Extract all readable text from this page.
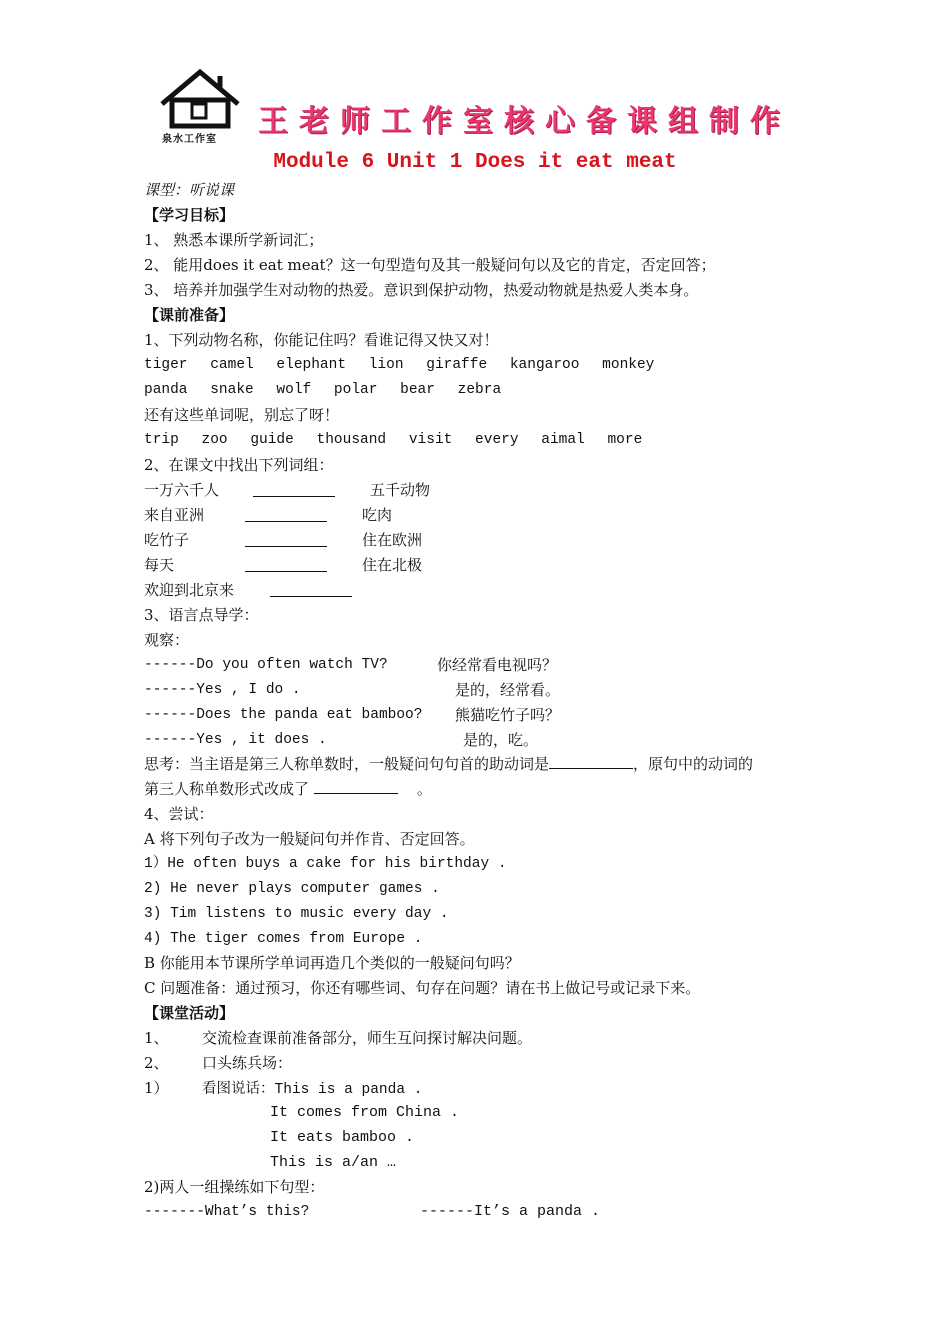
泉水工作室
王老师工作室核心备课组制作
Module 6 Unit 1 Does it eat meat
课型：听说课
【学习目标】
1、 熟悉本课所学新词汇；
2、 能用does it eat meat？这一句型造句及其一般疑问句以及它的肯定，否定回答；
3、 培养并加强学生对动物的热爱。意识到保护动物，热爱动物就是热爱人类本身。
【课前准备】
1、下列动物名称，你能记住吗？看谁记得又快又对！
tiger camel elephant lion giraffe kangaroo monkey
panda snake wolf polar bear zebra
还有这些单词呢，别忘了呀！
trip zoo guide thousand visit every aimal more
2、在课文中找出下列词组：
一万六千人	五千动物
来自亚洲	吃肉
吃竹子	住在欧洲
每天	住在北极
欢迎到北京来
3、语言点导学：
观察：
------Do you often watch TV?	你经常看电视吗？
------Yes , I do .	是的，经常看。
------Does the panda eat bamboo? 熊猫吃竹子吗？
------Yes , it does .	是的，吃。
思考：当主语是第三人称单数时，一般疑问句句首的助动词是	，原句中的动词的
第三人称单数形式改成了	。
4、尝试：
A 将下列句子改为一般疑问句并作肯、否定回答。
1）He often buys a cake for his birthday .
2) He never plays computer games .
3) Tim listens to music every day .
4) The tiger comes from Europe .
B 你能用本节课所学单词再造几个类似的一般疑问句吗？
C 问题准备：通过预习，你还有哪些词、句存在问题？请在书上做记号或记录下来。
【课堂活动】
1、 交流检查课前准备部分，师生互问探讨解决问题。
2、 口头练兵场：
1） 看图说话：This is a panda .
It comes from China .
It eats bamboo .
This is a/an …
2)两人一组操练如下句型：
-------What’s this?	------It’s a panda .
